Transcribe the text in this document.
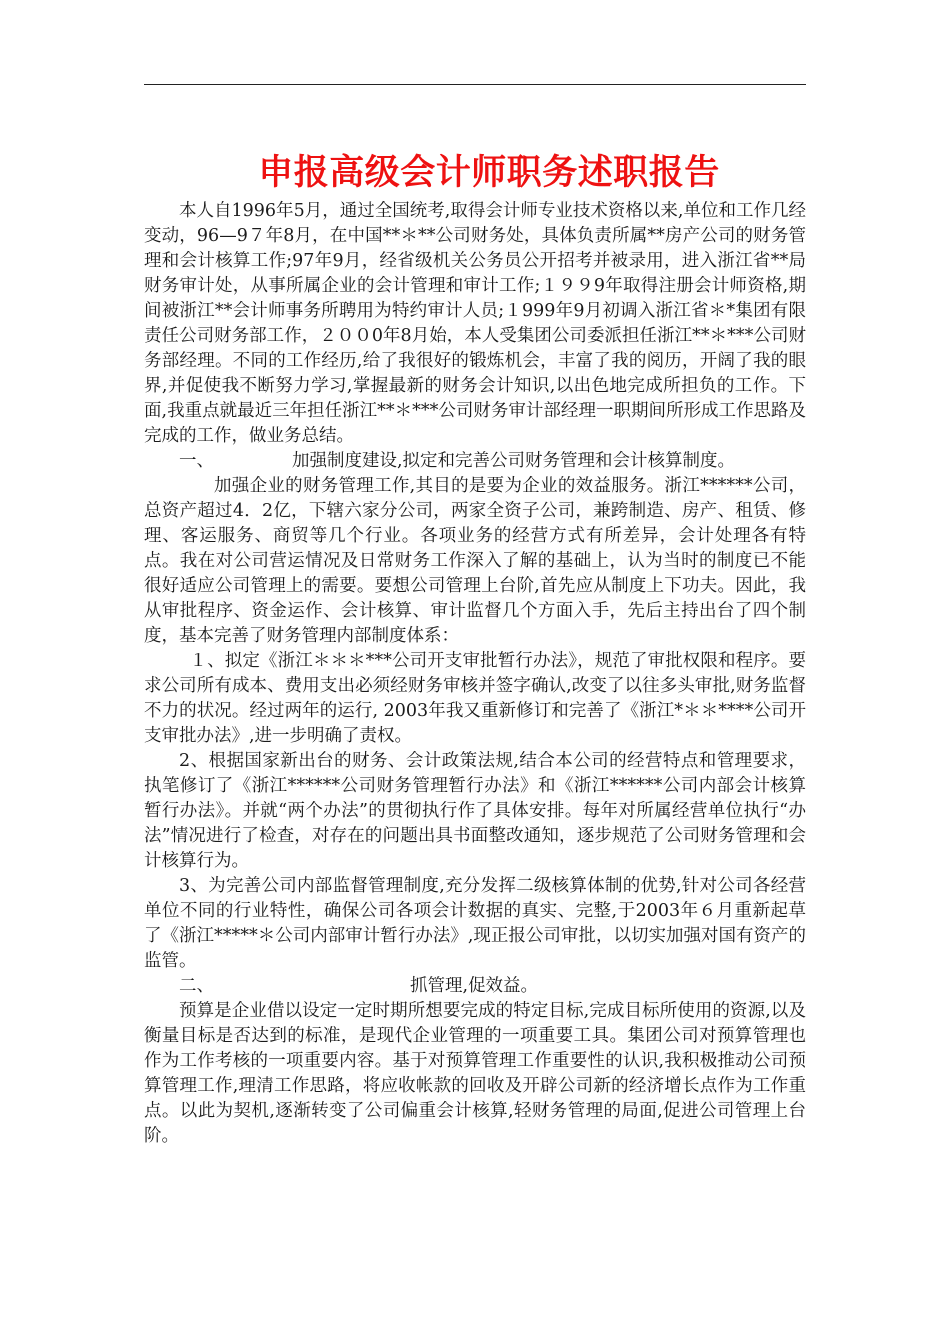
申报高级会计师职务述职报告

本人自1996年5月，通过全国统考,取得会计师专业技术资格以来,单位和工作几经变动，96—9７年8月，在中国**＊**公司财务处，具体负责所属**房产公司的财务管理和会计核算工作;97年9月，经省级机关公务员公开招考并被录用，进入浙江省**局财务审计处，从事所属企业的会计管理和审计工作;１９９9年取得注册会计师资格,期间被浙江**会计师事务所聘用为特约审计人员;１999年9月初调入浙江省＊*集团有限责任公司财务部工作，２００0年8月始，本人受集团公司委派担任浙江**＊***公司财务部经理。不同的工作经历,给了我很好的锻炼机会，丰富了我的阅历，开阔了我的眼界,并促使我不断努力学习,掌握最新的财务会计知识,以出色地完成所担负的工作。下面,我重点就最近三年担任浙江**＊***公司财务审计部经理一职期间所形成工作思路及完成的工作，做业务总结。

一、	加强制度建设,拟定和完善公司财务管理和会计核算制度。

加强企业的财务管理工作,其目的是要为企业的效益服务。浙江******公司，总资产超过4．2亿，下辖六家分公司，两家全资子公司，兼跨制造、房产、租赁、修理、客运服务、商贸等几个行业。各项业务的经营方式有所差异，会计处理各有特点。我在对公司营运情况及日常财务工作深入了解的基础上，认为当时的制度已不能很好适应公司管理上的需要。要想公司管理上台阶,首先应从制度上下功夫。因此，我从审批程序、资金运作、会计核算、审计监督几个方面入手，先后主持出台了四个制度，基本完善了财务管理内部制度体系：

１、拟定《浙江＊＊＊***公司开支审批暂行办法》，规范了审批权限和程序。要求公司所有成本、费用支出必须经财务审核并签字确认,改变了以往多头审批,财务监督不力的状况。经过两年的运行, 2003年我又重新修订和完善了《浙江*＊＊****公司开支审批办法》,进一步明确了责权。

2、根据国家新出台的财务、会计政策法规,结合本公司的经营特点和管理要求，执笔修订了《浙江******公司财务管理暂行办法》和《浙江******公司内部会计核算暂行办法》。并就“两个办法”的贯彻执行作了具体安排。每年对所属经营单位执行“办法”情况进行了检查，对存在的问题出具书面整改通知，逐步规范了公司财务管理和会计核算行为。

3、为完善公司内部监督管理制度,充分发挥二级核算体制的优势,针对公司各经营单位不同的行业特性，确保公司各项会计数据的真实、完整,于2003年６月重新起草了《浙江*****＊公司内部审计暂行办法》,现正报公司审批，以切实加强对国有资产的监管。

二、	抓管理,促效益。

预算是企业借以设定一定时期所想要完成的特定目标,完成目标所使用的资源,以及衡量目标是否达到的标准，是现代企业管理的一项重要工具。集团公司对预算管理也作为工作考核的一项重要内容。基于对预算管理工作重要性的认识,我积极推动公司预算管理工作,理清工作思路，将应收帐款的回收及开辟公司新的经济增长点作为工作重点。以此为契机,逐渐转变了公司偏重会计核算,轻财务管理的局面,促进公司管理上台阶。
